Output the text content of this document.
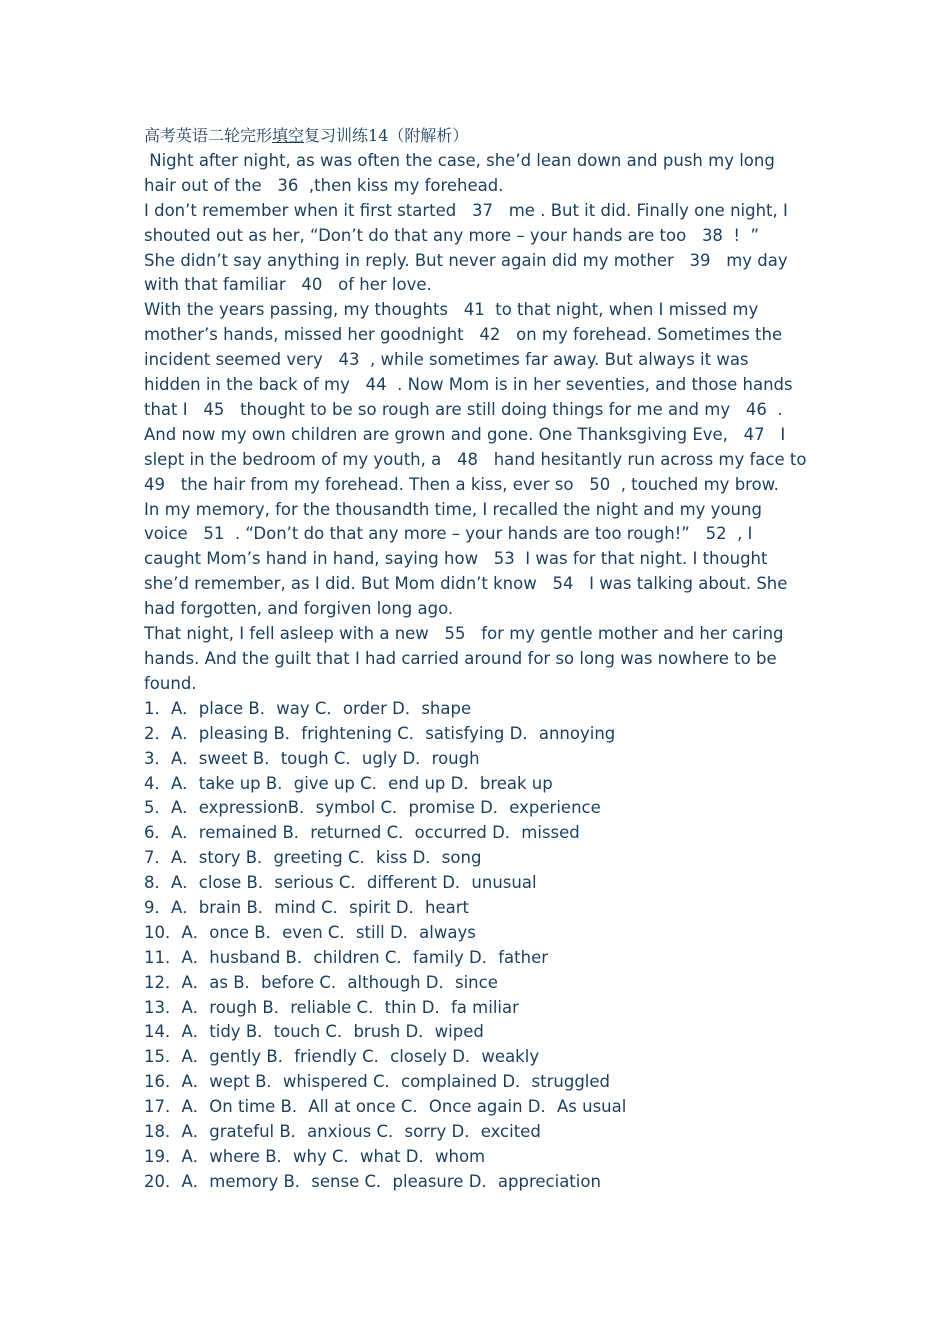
高考英语二轮完形填空复习训练14（附解析）

Night after night, as was often the case, she’d lean down and push my long hair out of the   36  ,then kiss my forehead.

I don’t remember when it first started   37   me . But it did. Finally one night, I shouted out as her, “Don’t do that any more – your hands are too   38  !  ”

She didn’t say anything in reply. But never again did my mother   39   my day with that familiar   40   of her love.

With the years passing, my thoughts   41  to that night, when I missed my mother’s hands, missed her goodnight   42   on my forehead. Sometimes the incident seemed very   43  , while sometimes far away. But always it was hidden in the back of my   44  . Now Mom is in her seventies, and those hands that I   45   thought to be so rough are still doing things for me and my   46  .

And now my own children are grown and gone. One Thanksgiving Eve,   47   I slept in the bedroom of my youth, a   48   hand hesitantly run across my face to   49   the hair from my forehead. Then a kiss, ever so   50  , touched my brow.

In my memory, for the thousandth time, I recalled the night and my young voice   51  . “Don’t do that any more – your hands are too rough!”   52  , I caught Mom’s hand in hand, saying how   53  I was for that night. I thought she’d remember, as I did. But Mom didn’t know   54   I was talking about. She had forgotten, and forgiven long ago.

That night, I fell asleep with a new   55   for my gentle mother and her caring hands. And the guilt that I had carried around for so long was nowhere to be found.

1．A．place B．way C．order D．shape
2．A．pleasing B．frightening C．satisfying D．annoying
3．A．sweet B．tough C．ugly D．rough
4．A．take up B．give up C．end up D．break up
5．A．expressionB．symbol C．promise D．experience
6．A．remained B．returned C．occurred D．missed
7．A．story B．greeting C．kiss D．song
8．A．close B．serious C．different D．unusual
9．A．brain B．mind C．spirit D．heart
10．A．once B．even C．still D．always
11．A．husband B．children C．family D．father
12．A．as B．before C．although D．since
13．A．rough B．reliable C．thin D．fa miliar
14．A．tidy B．touch C．brush D．wiped
15．A．gently B．friendly C．closely D．weakly
16．A．wept B．whispered C．complained D．struggled
17．A．On time B．All at once C．Once again D．As usual
18．A．grateful B．anxious C．sorry D．excited
19．A．where B．why C．what D．whom
20．A．memory B．sense C．pleasure D．appreciation
